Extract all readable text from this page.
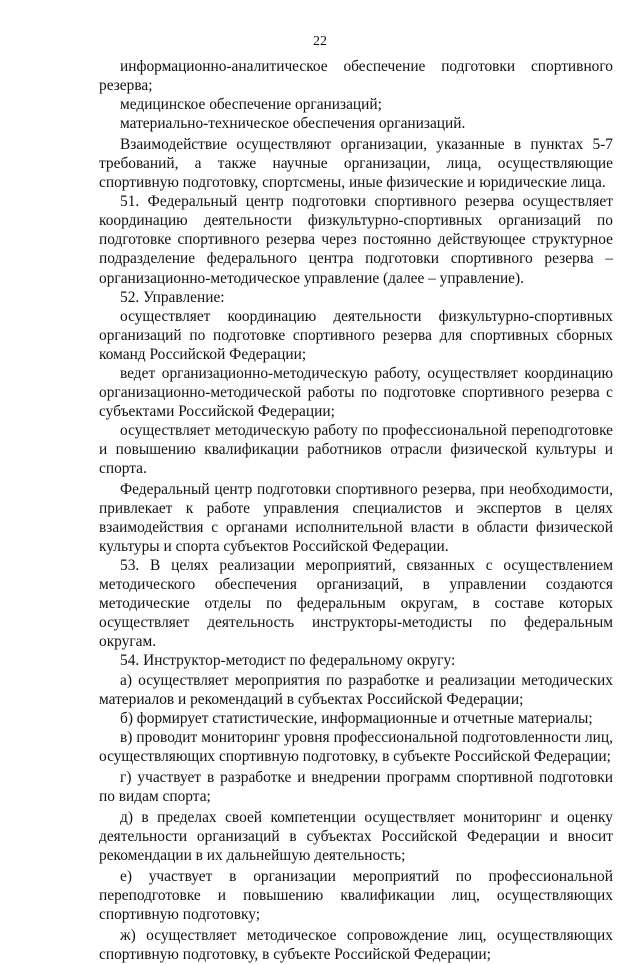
22

информационно-аналитическое обеспечение подготовки спортивного резерва;

медицинское обеспечение организаций;

материально-техническое обеспечения организаций.

Взаимодействие осуществляют организации, указанные в пунктах 5-7 требований, а также научные организации, лица, осуществляющие спортивную подготовку, спортсмены, иные физические и юридические лица.

51. Федеральный центр подготовки спортивного резерва осуществляет координацию деятельности физкультурно-спортивных организаций по подготовке спортивного резерва через постоянно действующее структурное подразделение федерального центра подготовки спортивного резерва – организационно-методическое управление (далее – управление).

52. Управление:

осуществляет координацию деятельности физкультурно-спортивных организаций по подготовке спортивного резерва для спортивных сборных команд Российской Федерации;

ведет организационно-методическую работу, осуществляет координацию организационно-методической работы по подготовке спортивного резерва с субъектами Российской Федерации;

осуществляет методическую работу по профессиональной переподготовке и повышению квалификации работников отрасли физической культуры и спорта.

Федеральный центр подготовки спортивного резерва, при необходимости, привлекает к работе управления специалистов и экспертов в целях взаимодействия с органами исполнительной власти в области физической культуры и спорта субъектов Российской Федерации.

53. В целях реализации мероприятий, связанных с осуществлением методического обеспечения организаций, в управлении создаются методические отделы по федеральным округам, в составе которых осуществляет деятельность инструкторы-методисты по федеральным округам.

54. Инструктор-методист по федеральному округу:

а) осуществляет мероприятия по разработке и реализации методических материалов и рекомендаций в субъектах Российской Федерации;

б) формирует статистические, информационные и отчетные материалы;

в) проводит мониторинг уровня профессиональной подготовленности лиц, осуществляющих спортивную подготовку, в субъекте Российской Федерации;

г) участвует в разработке и внедрении программ спортивной подготовки по видам спорта;

д) в пределах своей компетенции осуществляет мониторинг и оценку деятельности организаций в субъектах Российской Федерации и вносит рекомендации в их дальнейшую деятельность;

е) участвует в организации мероприятий по профессиональной переподготовке и повышению квалификации лиц, осуществляющих спортивную подготовку;

ж) осуществляет методическое сопровождение лиц, осуществляющих спортивную подготовку, в субъекте Российской Федерации;
